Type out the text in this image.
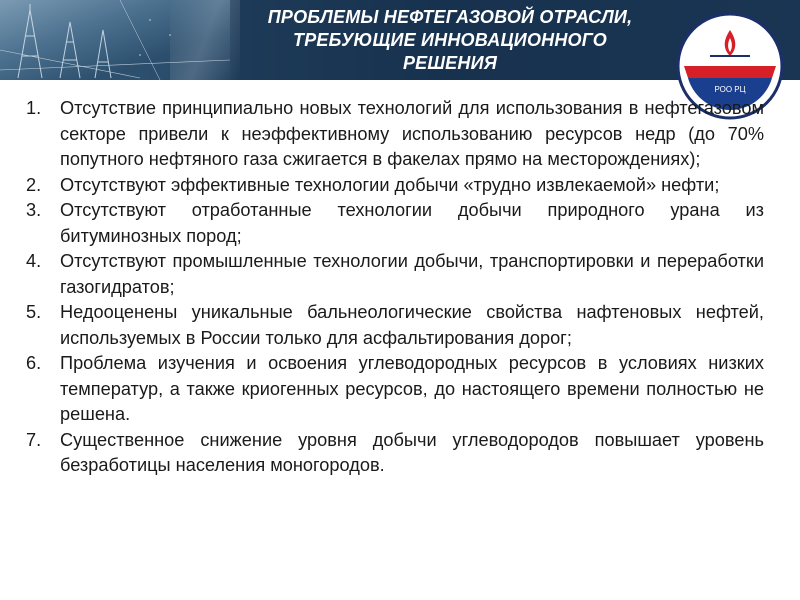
ПРОБЛЕМЫ НЕФТЕГАЗОВОЙ ОТРАСЛИ,
ТРЕБУЮЩИЕ ИННОВАЦИОННОГО
РЕШЕНИЯ
РОО РЦ
1.	Отсутствие принципиально новых технологий для использования в нефтегазовом секторе привели к неэффективному использованию ресурсов недр (до 70% попутного нефтяного газа сжигается в факелах прямо на месторождениях);
2.	Отсутствуют эффективные технологии добычи «трудно извлекаемой» нефти;
3.	Отсутствуют отработанные технологии добычи природного урана из битуминозных пород;
4.	Отсутствуют промышленные технологии добычи, транспортировки и переработки газогидратов;
5.	Недооценены уникальные бальнеологические свойства нафтеновых нефтей, используемых в России только для асфальтирования дорог;
6.	Проблема изучения и освоения углеводородных ресурсов в условиях низких температур, а также криогенных ресурсов, до настоящего времени полностью не решена.
7.	Существенное снижение уровня добычи углеводородов повышает уровень безработицы населения моногородов.
